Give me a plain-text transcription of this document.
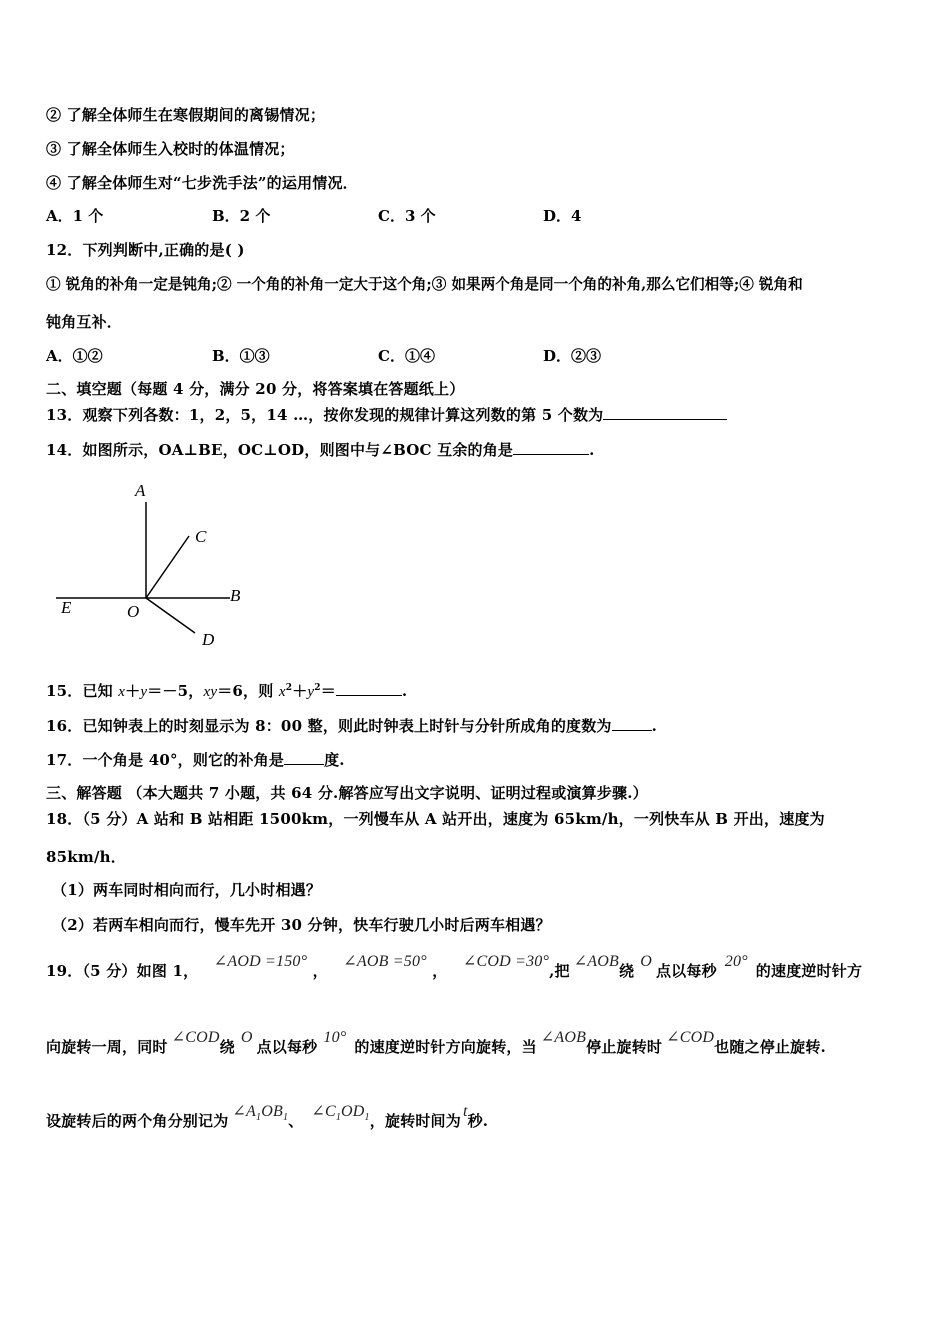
② 了解全体师生在寒假期间的离锡情况；
③ 了解全体师生入校时的体温情况；
④ 了解全体师生对“七步洗手法”的运用情况．
A．1 个	B．2 个	C．3 个	D．4
12．下列判断中,正确的是( )
① 锐角的补角一定是钝角;② 一个角的补角一定大于这个角;③ 如果两个角是同一个角的补角,那么它们相等;④ 锐角和
钝角互补．
A．①②	B．①③	C．①④	D．②③
二、填空题（每题 4 分，满分 20 分，将答案填在答题纸上）
13．观察下列各数：1，2，5，14 …，按你发现的规律计算这列数的第 5 个数为
14．如图所示，OA⊥BE，OC⊥OD，则图中与∠BOC 互余的角是	.
A
C
B
E	O
D
15．已知 x＋y＝－5，xy＝6，则 $x^2+y^2=$	.
16．已知钟表上的时刻显示为 8：00 整，则此时钟表上时针与分针所成角的度数为	.
17．一个角是 40°，则它的补角是	度.
三、解答题 （本大题共 7 小题，共 64 分.解答应写出文字说明、证明过程或演算步骤.）
18．（5 分）A 站和 B 站相距 1500km，一列慢车从 A 站开出，速度为 65km/h，一列快车从 B 开出，速度为
85km/h．
（1）两车同时相向而行，几小时相遇？
（2）若两车相向而行，慢车先开 30 分钟，快车行驶几小时后两车相遇？
19．（5 分）如图 1， ∠AOD =150° ， ∠AOB =50° ， ∠COD =30°,把∠AOB绕O点以每秒20°的速度逆时针方
向旋转一周，同时∠COD绕O点以每秒10°的速度逆时针方向旋转，当∠AOB停止旋转时∠COD也随之停止旋转.
设旋转后的两个角分别记为$\angle A_1OB_1$、$\angle C_1OD_1$，旋转时间为t秒.
